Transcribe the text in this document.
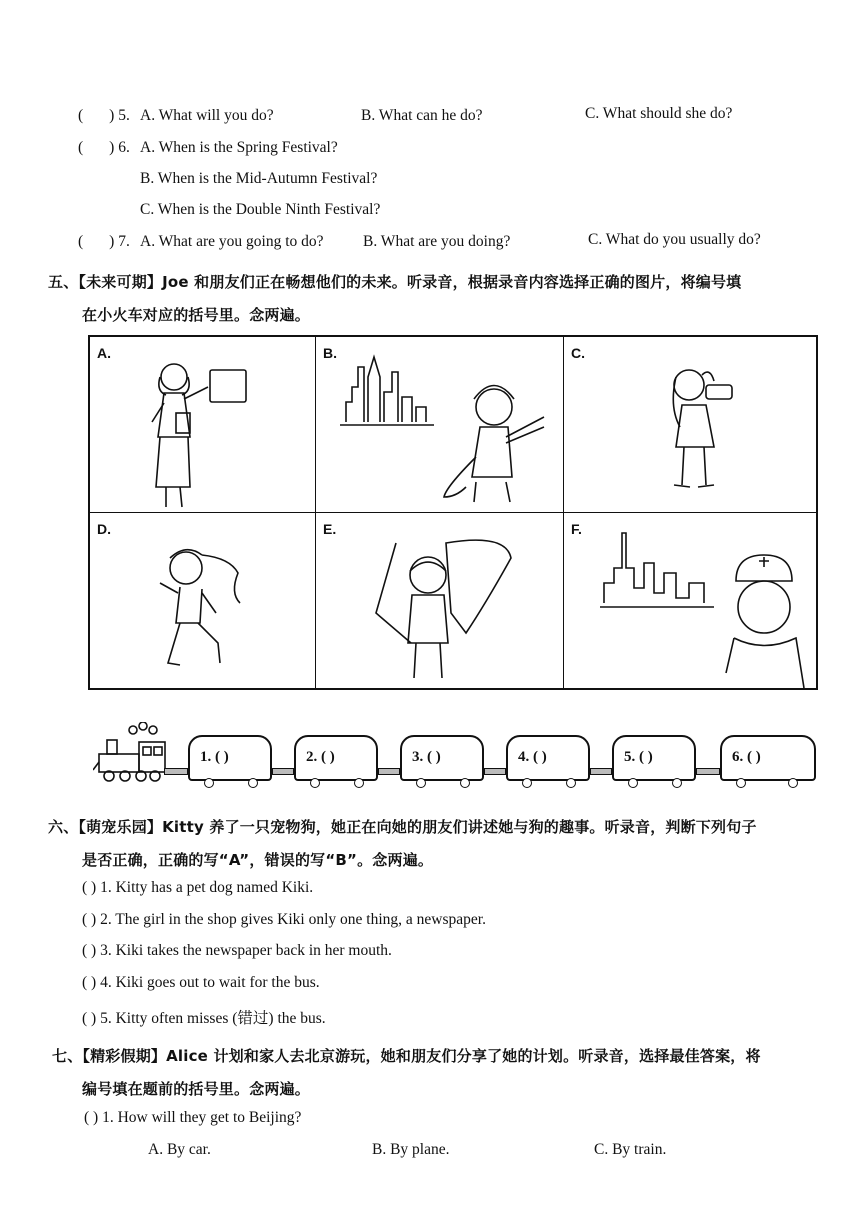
( ) 5. A. What will you do?	B. What can he do?	C. What should she do?
( ) 6. A. When is the Spring Festival?
B. When is the Mid-Autumn Festival?
C. When is the Double Ninth Festival?
( ) 7. A. What are you going to do?	B. What are you doing?	C. What do you usually do?
五、【未来可期】Joe 和朋友们正在畅想他们的未来。听录音，根据录音内容选择正确的图片，将编号填
在小火车对应的括号里。念两遍。
A.	B.	C.
D.	E.	F.
1. ( )	2. ( )	3. ( )	4. ( )	5. ( )	6. ( )
六、【萌宠乐园】Kitty 养了一只宠物狗，她正在向她的朋友们讲述她与狗的趣事。听录音，判断下列句子
是否正确，正确的写“A”，错误的写“B”。念两遍。
( ) 1. Kitty has a pet dog named Kiki.
( ) 2. The girl in the shop gives Kiki only one thing, a newspaper.
( ) 3. Kiki takes the newspaper back in her mouth.
( ) 4. Kiki goes out to wait for the bus.
( ) 5. Kitty often misses (错过) the bus.
七、【精彩假期】Alice 计划和家人去北京游玩，她和朋友们分享了她的计划。听录音，选择最佳答案，将
编号填在题前的括号里。念两遍。
( ) 1. How will they get to Beijing?
A. By car.	B. By plane.	C. By train.
